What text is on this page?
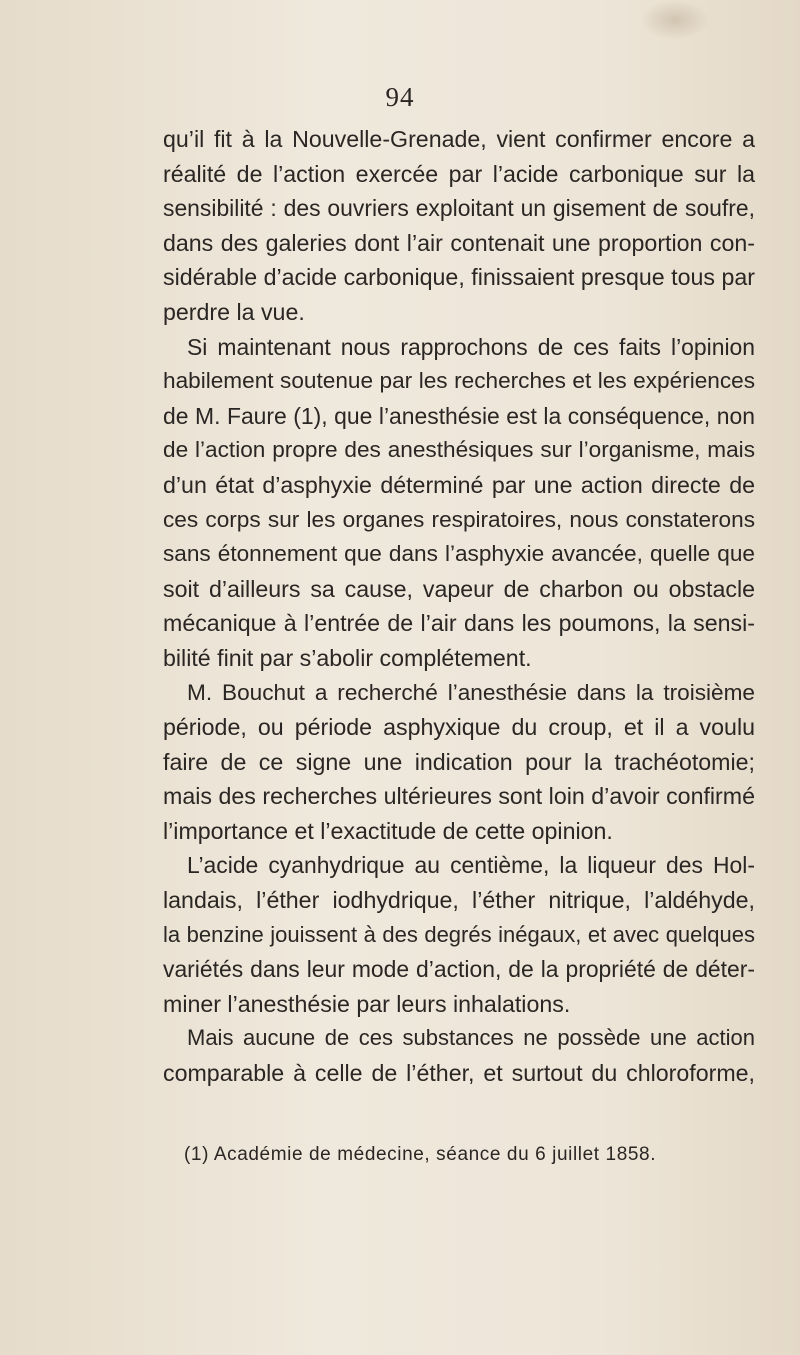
94
qu’il fit à la Nouvelle-Grenade, vient confirmer encore a
réalité de l’action exercée par l’acide carbonique sur la
sensibilité : des ouvriers exploitant un gisement de soufre,
dans des galeries dont l’air contenait une proportion con-
sidérable d’acide carbonique, finissaient presque tous par
perdre la vue.
Si maintenant nous rapprochons de ces faits l’opinion
habilement soutenue par les recherches et les expériences
de M. Faure (1), que l’anesthésie est la conséquence, non
de l’action propre des anesthésiques sur l’organisme, mais
d’un état d’asphyxie déterminé par une action directe de
ces corps sur les organes respiratoires, nous constaterons
sans étonnement que dans l’asphyxie avancée, quelle que
soit d’ailleurs sa cause, vapeur de charbon ou obstacle
mécanique à l’entrée de l’air dans les poumons, la sensi-
bilité finit par s’abolir complétement.
M. Bouchut a recherché l’anesthésie dans la troisième
période, ou période asphyxique du croup, et il a voulu
faire de ce signe une indication pour la trachéotomie;
mais des recherches ultérieures sont loin d’avoir confirmé
l’importance et l’exactitude de cette opinion.
L’acide cyanhydrique au centième, la liqueur des Hol-
landais, l’éther iodhydrique, l’éther nitrique, l’aldéhyde,
la benzine jouissent à des degrés inégaux, et avec quelques
variétés dans leur mode d’action, de la propriété de déter-
miner l’anesthésie par leurs inhalations.
Mais aucune de ces substances ne possède une action
comparable à celle de l’éther, et surtout du chloroforme,
(1) Académie de médecine, séance du 6 juillet 1858.
